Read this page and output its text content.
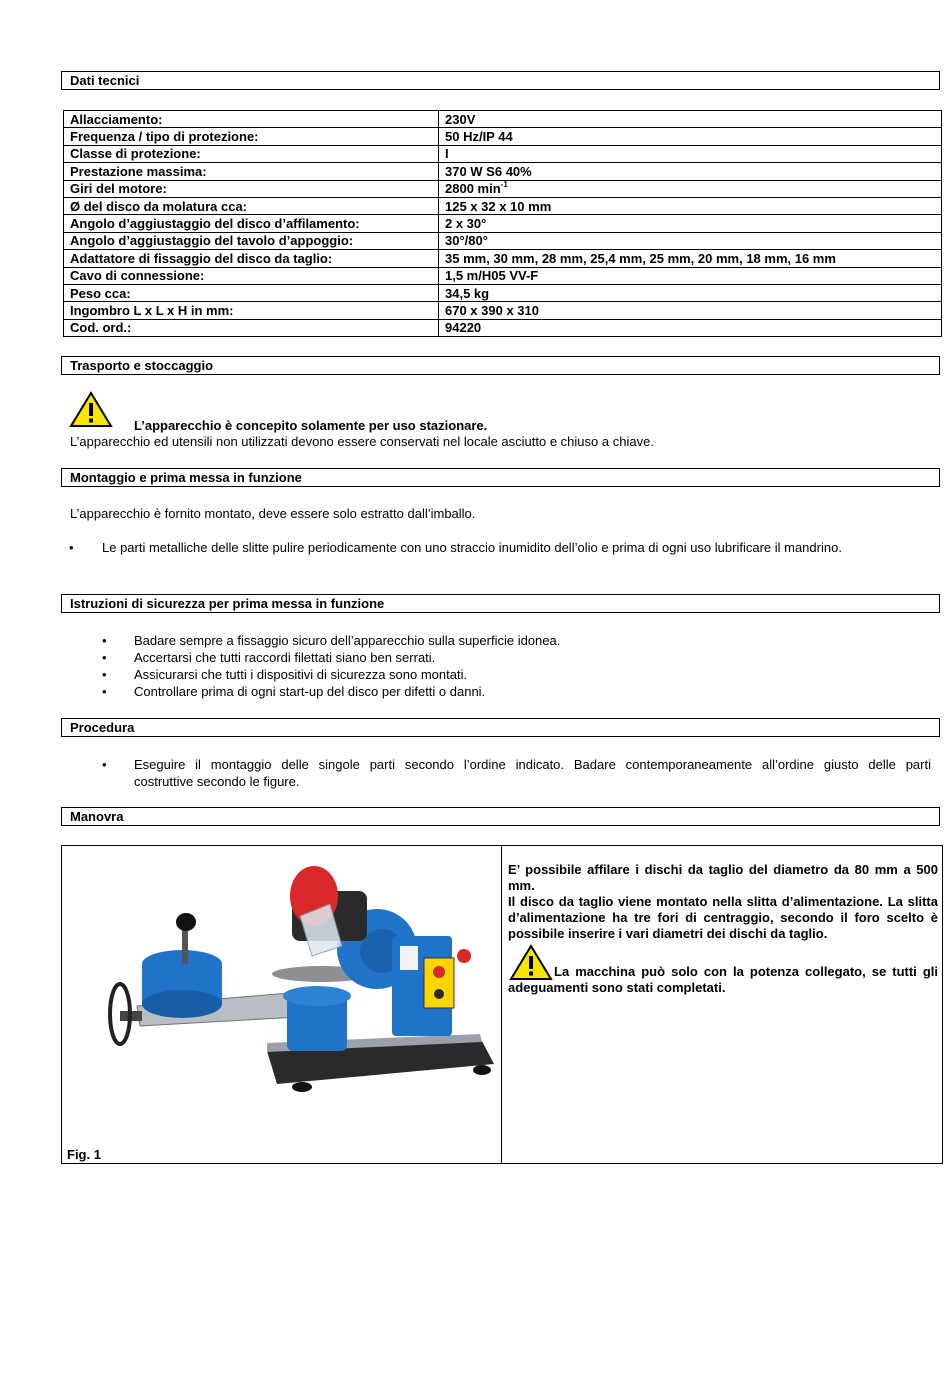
Dati tecnici
Allacciamento:	230V
Frequenza / tipo di protezione:	50 Hz/IP 44
Classe di protezione:	I
Prestazione massima:	370 W S6 40%
Giri del motore:	2800 $\min^{-1}$
Ø del disco da molatura cca:	125 x 32 x 10 mm
Angolo d’aggiustaggio del disco d’affilamento:	2 x 30°
Angolo d’aggiustaggio del tavolo d’appoggio:	30°/80°
Adattatore di fissaggio del disco da taglio:	35 mm, 30 mm, 28 mm, 25,4 mm, 25 mm, 20 mm, 18 mm, 16 mm
Cavo di connessione:	1,5 m/H05 VV-F
Peso cca:	34,5 kg
Ingombro L x L x H in mm:	670 x 390 x 310
Cod. ord.:	94220
Trasporto e stoccaggio
L’apparecchio è concepito solamente per uso stazionare.
L’apparecchio ed utensili non utilizzati devono essere conservati nel locale asciutto e chiuso a chiave.
Montaggio e prima messa in funzione
L’apparecchio è fornito montato, deve essere solo estratto dall’imballo.
• Le parti metalliche delle slitte pulire periodicamente con uno straccio inumidito dell’olio e prima di ogni uso lubrificare il mandrino.
Istruzioni di sicurezza per prima messa in funzione
• Badare sempre a fissaggio sicuro dell’apparecchio sulla superficie idonea.
• Accertarsi che tutti raccordi filettati siano ben serrati.
• Assicurarsi che tutti i dispositivi di sicurezza sono montati.
• Controllare prima di ogni start-up del disco per difetti o danni.
Procedura
• Eseguire il montaggio delle singole parti secondo l’ordine indicato. Badare contemporaneamente all’ordine giusto delle parti
costruttive secondo le figure.
Manovra
Fig. 1
E’ possibile affilare i dischi da taglio del diametro da 80 mm a 500 mm.
Il disco da taglio viene montato nella slitta d’alimentazione. La slitta d’alimentazione ha tre fori di centraggio, secondo il foro scelto è possibile inserire i vari diametri dei dischi da taglio.
La macchina può solo con la potenza collegato, se tutti gli adeguamenti sono stati completati.
